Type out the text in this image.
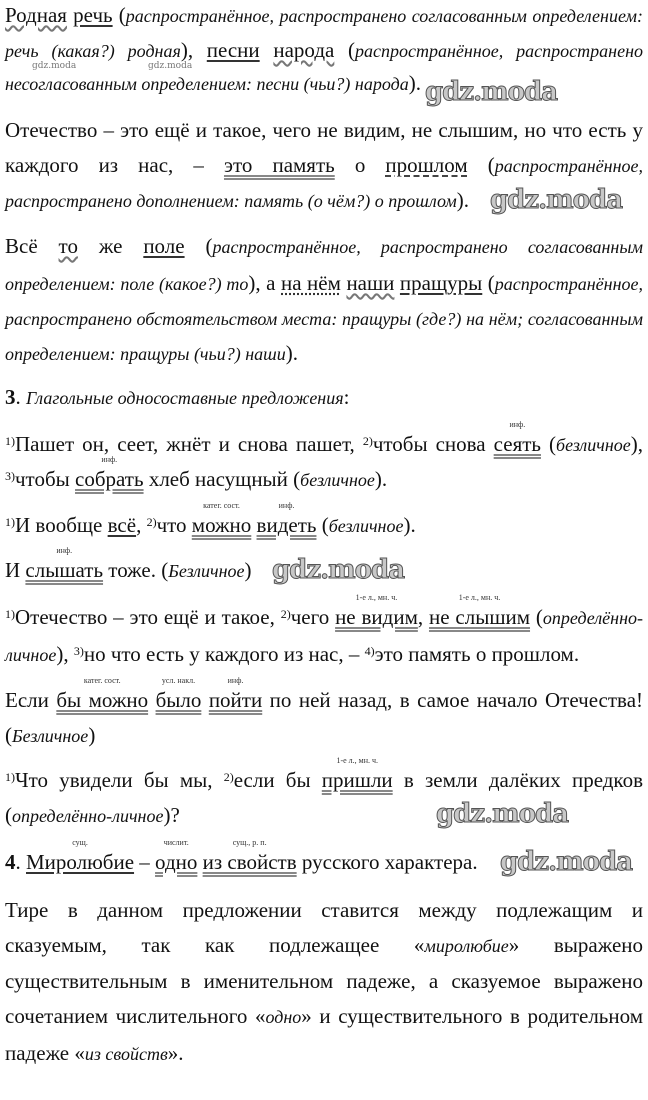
Родная речь (распространённое, распространено согласованным определением:
речь (какая?) родная), песни народа (распространённое, распространено
несогласованным определением: песни (чьи?) народа).
Отечество – это ещё и такое, чего не видим, не слышим, но что есть у
каждого из нас, – это память о прошлом (распространённое,
распространено дополнением: память (о чём?) о прошлом).
Всё то же поле (распространённое, распространено согласованным
определением: поле (какое?) то), а на нём наши пращуры (распространённое,
распространено обстоятельством места: пращуры (где?) на нём; согласованным
определением: пращуры (чьи?) наши).
3. Глагольные односоставные предложения:
$^{1)}$Пашет он, сеет, жнёт и снова пашет, $^{2)}$чтобы снова сеять
инф.
(безличное),
$^{3)}$чтобы собрать
инф.
хлеб насущный (безличное).
$^{1)}$И вообще всё, $^{2)}$что можно
катег. сост.
видеть
инф.
(безличное).
И слышать
инф.
тоже. (Безличное)
$^{1)}$Отечество – это ещё и такое, $^{2)}$чего не видим
1-е л., мн. ч.
, не слышим
1-е л., мн. ч.
(определённо-
личное), $^{3)}$но что есть у каждого из нас, – $^{4)}$это память о прошлом.
Если бы можно
катег. сост.
было
усл. накл.
пойти
инф.
по ней назад, в самое начало Отечества!
(Безличное)
$^{1)}$Что увидели бы мы, $^{2)}$если бы пришли
1-е л., мн. ч.
в земли далёких предков
(определённо-личное)?
4. Миролюбие
сущ.
– одно
числит.
из свойств
сущ., р. п.
русского характера.
Тире в данном предложении ставится между подлежащим и
сказуемым, так как подлежащее «миролюбие» выражено
существительным в именительном падеже, а сказуемое выражено
сочетанием числительного «одно» и существительного в родительном
падеже «из свойств».
gdz.moda
gdz.moda
gdz.moda
gdz.moda
gdz.moda
gdz.moda	gdz.moda
